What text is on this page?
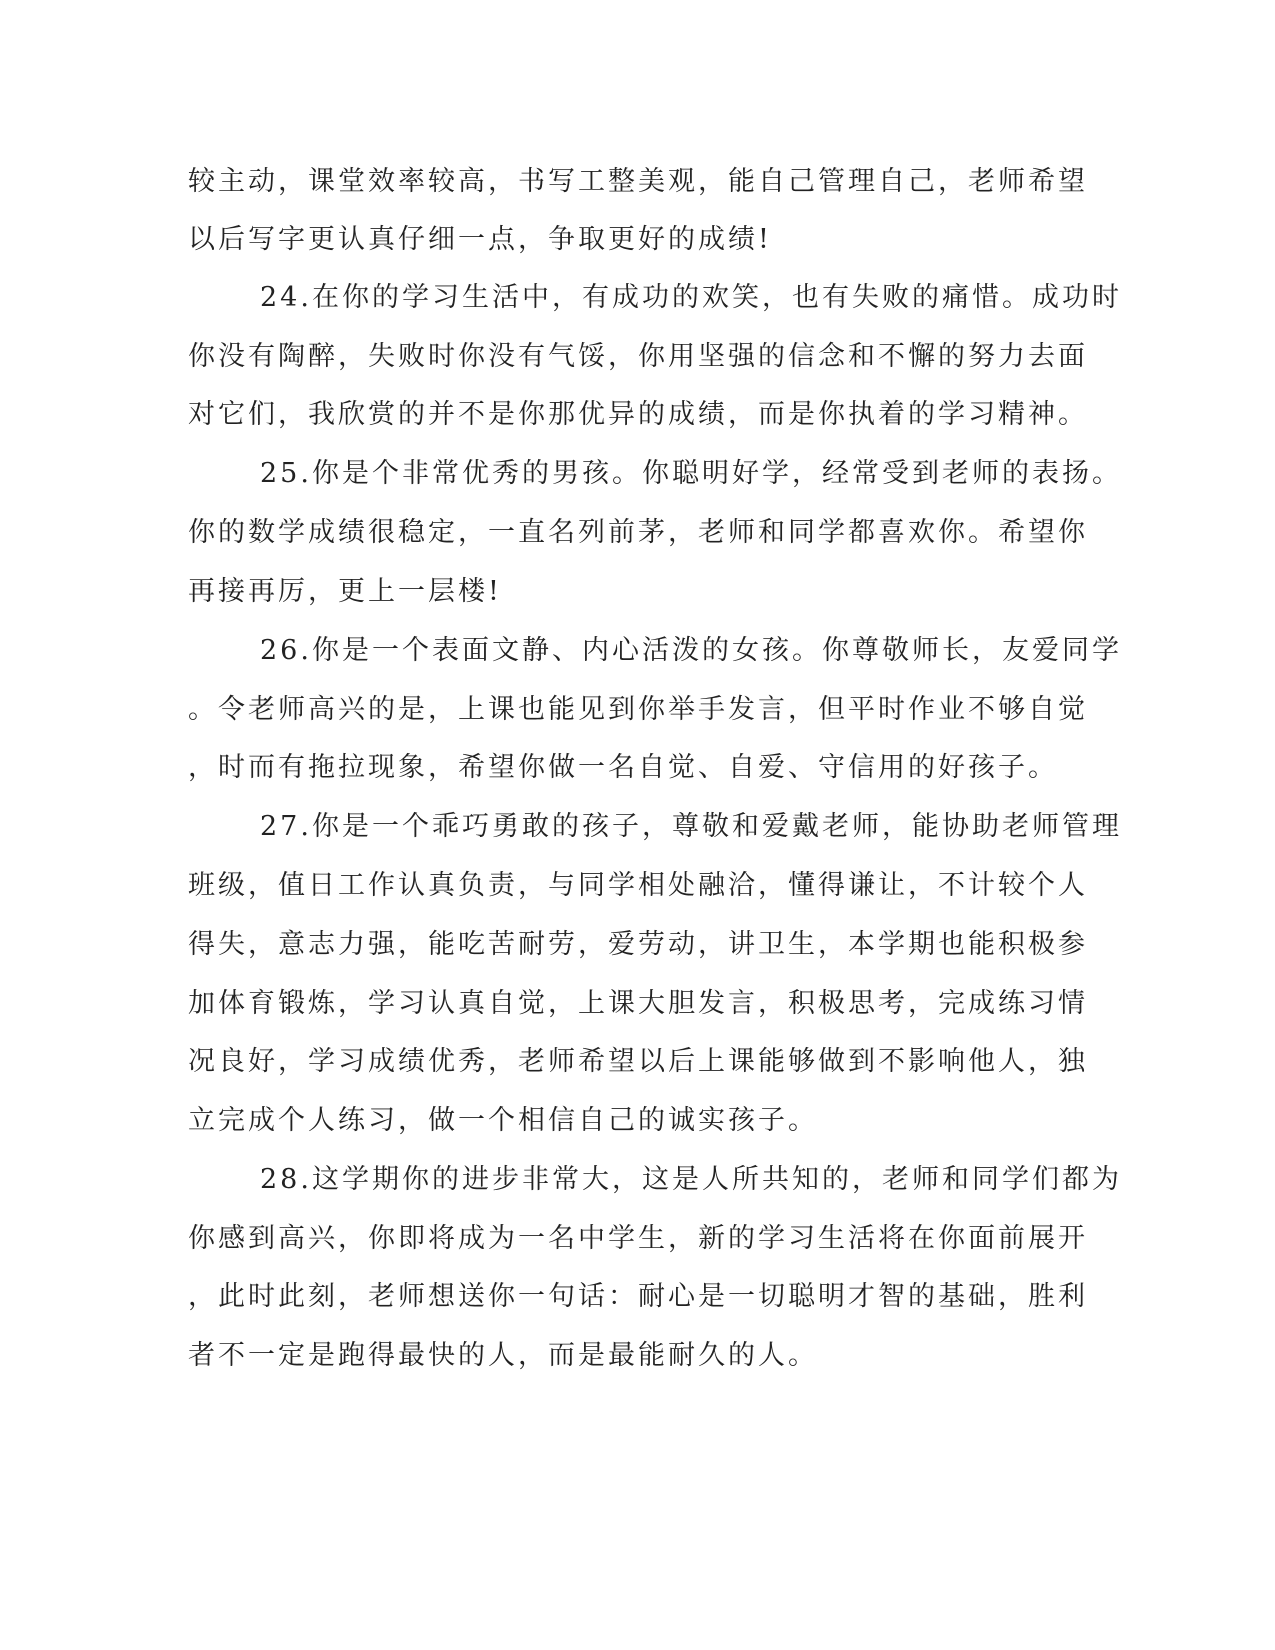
较主动，课堂效率较高，书写工整美观，能自己管理自己，老师希望
以后写字更认真仔细一点，争取更好的成绩!
24.在你的学习生活中，有成功的欢笑，也有失败的痛惜。成功时
你没有陶醉，失败时你没有气馁，你用坚强的信念和不懈的努力去面
对它们，我欣赏的并不是你那优异的成绩，而是你执着的学习精神。
25.你是个非常优秀的男孩。你聪明好学，经常受到老师的表扬。
你的数学成绩很稳定，一直名列前茅，老师和同学都喜欢你。希望你
再接再厉，更上一层楼!
26.你是一个表面文静、内心活泼的女孩。你尊敬师长，友爱同学
。令老师高兴的是，上课也能见到你举手发言，但平时作业不够自觉
，时而有拖拉现象，希望你做一名自觉、自爱、守信用的好孩子。
27.你是一个乖巧勇敢的孩子，尊敬和爱戴老师，能协助老师管理
班级，值日工作认真负责，与同学相处融洽，懂得谦让，不计较个人
得失，意志力强，能吃苦耐劳，爱劳动，讲卫生，本学期也能积极参
加体育锻炼，学习认真自觉，上课大胆发言，积极思考，完成练习情
况良好，学习成绩优秀，老师希望以后上课能够做到不影响他人，独
立完成个人练习，做一个相信自己的诚实孩子。
28.这学期你的进步非常大，这是人所共知的，老师和同学们都为
你感到高兴，你即将成为一名中学生，新的学习生活将在你面前展开
，此时此刻，老师想送你一句话：耐心是一切聪明才智的基础，胜利
者不一定是跑得最快的人，而是最能耐久的人。
